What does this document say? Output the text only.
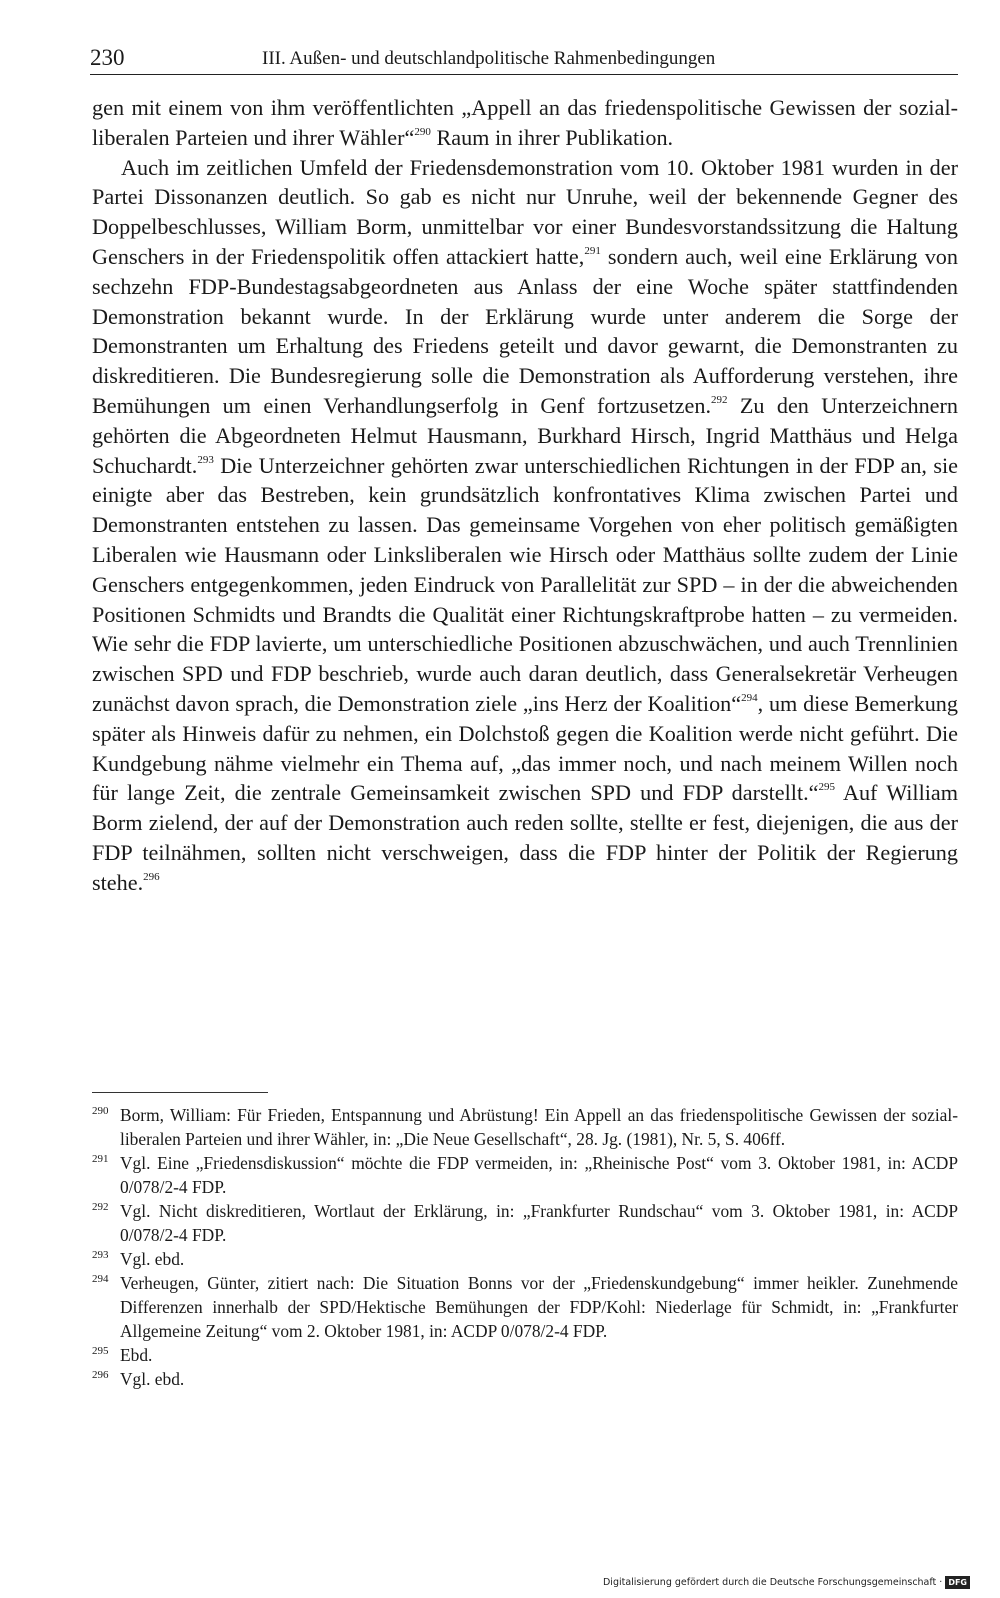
230	III. Außen- und deutschlandpolitische Rahmenbedingungen

gen mit einem von ihm veröffentlichten „Appell an das friedenspolitische Gewissen der sozial-liberalen Parteien und ihrer Wähler“$^{290}$ Raum in ihrer Publikation.

Auch im zeitlichen Umfeld der Friedensdemonstration vom 10. Oktober 1981 wurden in der Partei Dissonanzen deutlich. So gab es nicht nur Unruhe, weil der bekennende Gegner des Doppelbeschlusses, William Borm, unmittelbar vor einer Bundesvorstandssitzung die Haltung Genschers in der Friedenspolitik offen attackiert hatte,$^{291}$ sondern auch, weil eine Erklärung von sechzehn FDP-Bundestagsabgeordneten aus Anlass der eine Woche später stattfindenden Demonstration bekannt wurde. In der Erklärung wurde unter anderem die Sorge der Demonstranten um Erhaltung des Friedens geteilt und davor gewarnt, die Demonstranten zu diskreditieren. Die Bundesregierung solle die Demonstration als Aufforderung verstehen, ihre Bemühungen um einen Verhandlungserfolg in Genf fortzusetzen.$^{292}$ Zu den Unterzeichnern gehörten die Abgeordneten Helmut Hausmann, Burkhard Hirsch, Ingrid Matthäus und Helga Schuchardt.$^{293}$ Die Unterzeichner gehörten zwar unterschiedlichen Richtungen in der FDP an, sie einigte aber das Bestreben, kein grundsätzlich konfrontatives Klima zwischen Partei und Demonstranten entstehen zu lassen. Das gemeinsame Vorgehen von eher politisch gemäßigten Liberalen wie Hausmann oder Linksliberalen wie Hirsch oder Matthäus sollte zudem der Linie Genschers entgegenkommen, jeden Eindruck von Parallelität zur SPD – in der die abweichenden Positionen Schmidts und Brandts die Qualität einer Richtungskraftprobe hatten – zu vermeiden. Wie sehr die FDP lavierte, um unterschiedliche Positionen abzuschwächen, und auch Trennlinien zwischen SPD und FDP beschrieb, wurde auch daran deutlich, dass Generalsekretär Verheugen zunächst davon sprach, die Demonstration ziele „ins Herz der Koalition“$^{294}$, um diese Bemerkung später als Hinweis dafür zu nehmen, ein Dolchstoß gegen die Koalition werde nicht geführt. Die Kundgebung nähme vielmehr ein Thema auf, „das immer noch, und nach meinem Willen noch für lange Zeit, die zentrale Gemeinsamkeit zwischen SPD und FDP darstellt.“$^{295}$ Auf William Borm zielend, der auf der Demonstration auch reden sollte, stellte er fest, diejenigen, die aus der FDP teilnähmen, sollten nicht verschweigen, dass die FDP hinter der Politik der Regierung stehe.$^{296}$

290 Borm, William: Für Frieden, Entspannung und Abrüstung! Ein Appell an das friedenspolitische Gewissen der sozial-liberalen Parteien und ihrer Wähler, in: „Die Neue Gesellschaft“, 28. Jg. (1981), Nr. 5, S. 406ff.
291 Vgl. Eine „Friedensdiskussion“ möchte die FDP vermeiden, in: „Rheinische Post“ vom 3. Oktober 1981, in: ACDP 0/078/2-4 FDP.
292 Vgl. Nicht diskreditieren, Wortlaut der Erklärung, in: „Frankfurter Rundschau“ vom 3. Oktober 1981, in: ACDP 0/078/2-4 FDP.
293 Vgl. ebd.
294 Verheugen, Günter, zitiert nach: Die Situation Bonns vor der „Friedenskundgebung“ immer heikler. Zunehmende Differenzen innerhalb der SPD/Hektische Bemühungen der FDP/Kohl: Niederlage für Schmidt, in: „Frankfurter Allgemeine Zeitung“ vom 2. Oktober 1981, in: ACDP 0/078/2-4 FDP.
295 Ebd.
296 Vgl. ebd.
Digitalisierung gefördert durch die Deutsche Forschungsgemeinschaft · DFG
